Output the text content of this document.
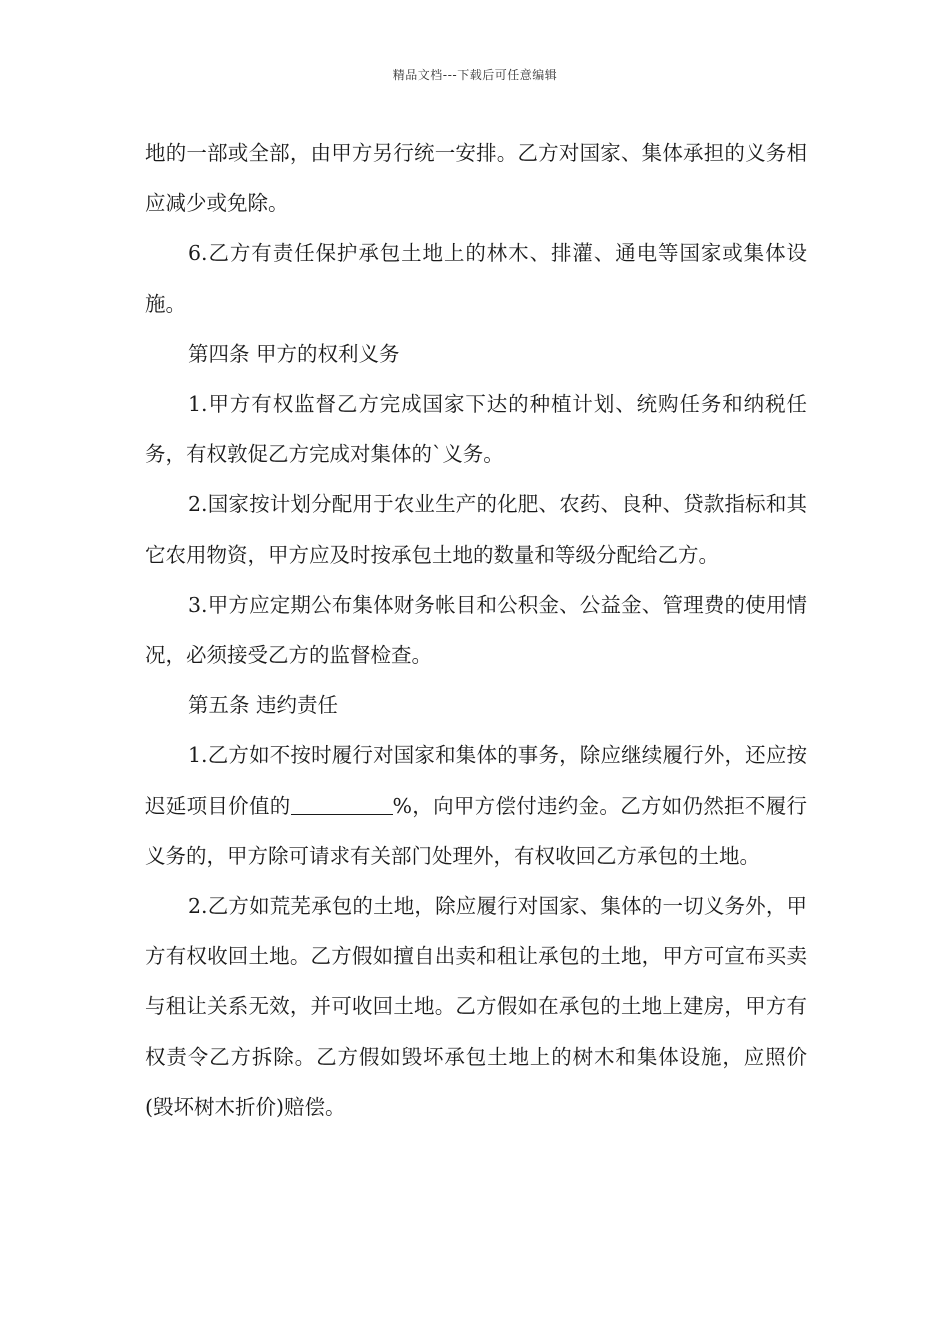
精品文档---下载后可任意编辑

地的一部或全部，由甲方另行统一安排。乙方对国家、集体承担的义务相应减少或免除。

6.乙方有责任保护承包土地上的林木、排灌、通电等国家或集体设施。

第四条 甲方的权利义务

1.甲方有权监督乙方完成国家下达的种植计划、统购任务和纳税任务，有权敦促乙方完成对集体的`义务。

2.国家按计划分配用于农业生产的化肥、农药、良种、贷款指标和其它农用物资，甲方应及时按承包土地的数量和等级分配给乙方。

3.甲方应定期公布集体财务帐目和公积金、公益金、管理费的使用情况，必须接受乙方的监督检查。

第五条 违约责任

1.乙方如不按时履行对国家和集体的事务，除应继续履行外，还应按迟延项目价值的	%，向甲方偿付违约金。乙方如仍然拒不履行义务的，甲方除可请求有关部门处理外，有权收回乙方承包的土地。

2.乙方如荒芜承包的土地，除应履行对国家、集体的一切义务外，甲方有权收回土地。乙方假如擅自出卖和租让承包的土地，甲方可宣布买卖与租让关系无效，并可收回土地。乙方假如在承包的土地上建房，甲方有权责令乙方拆除。乙方假如毁坏承包土地上的树木和集体设施，应照价(毁坏树木折价)赔偿。
